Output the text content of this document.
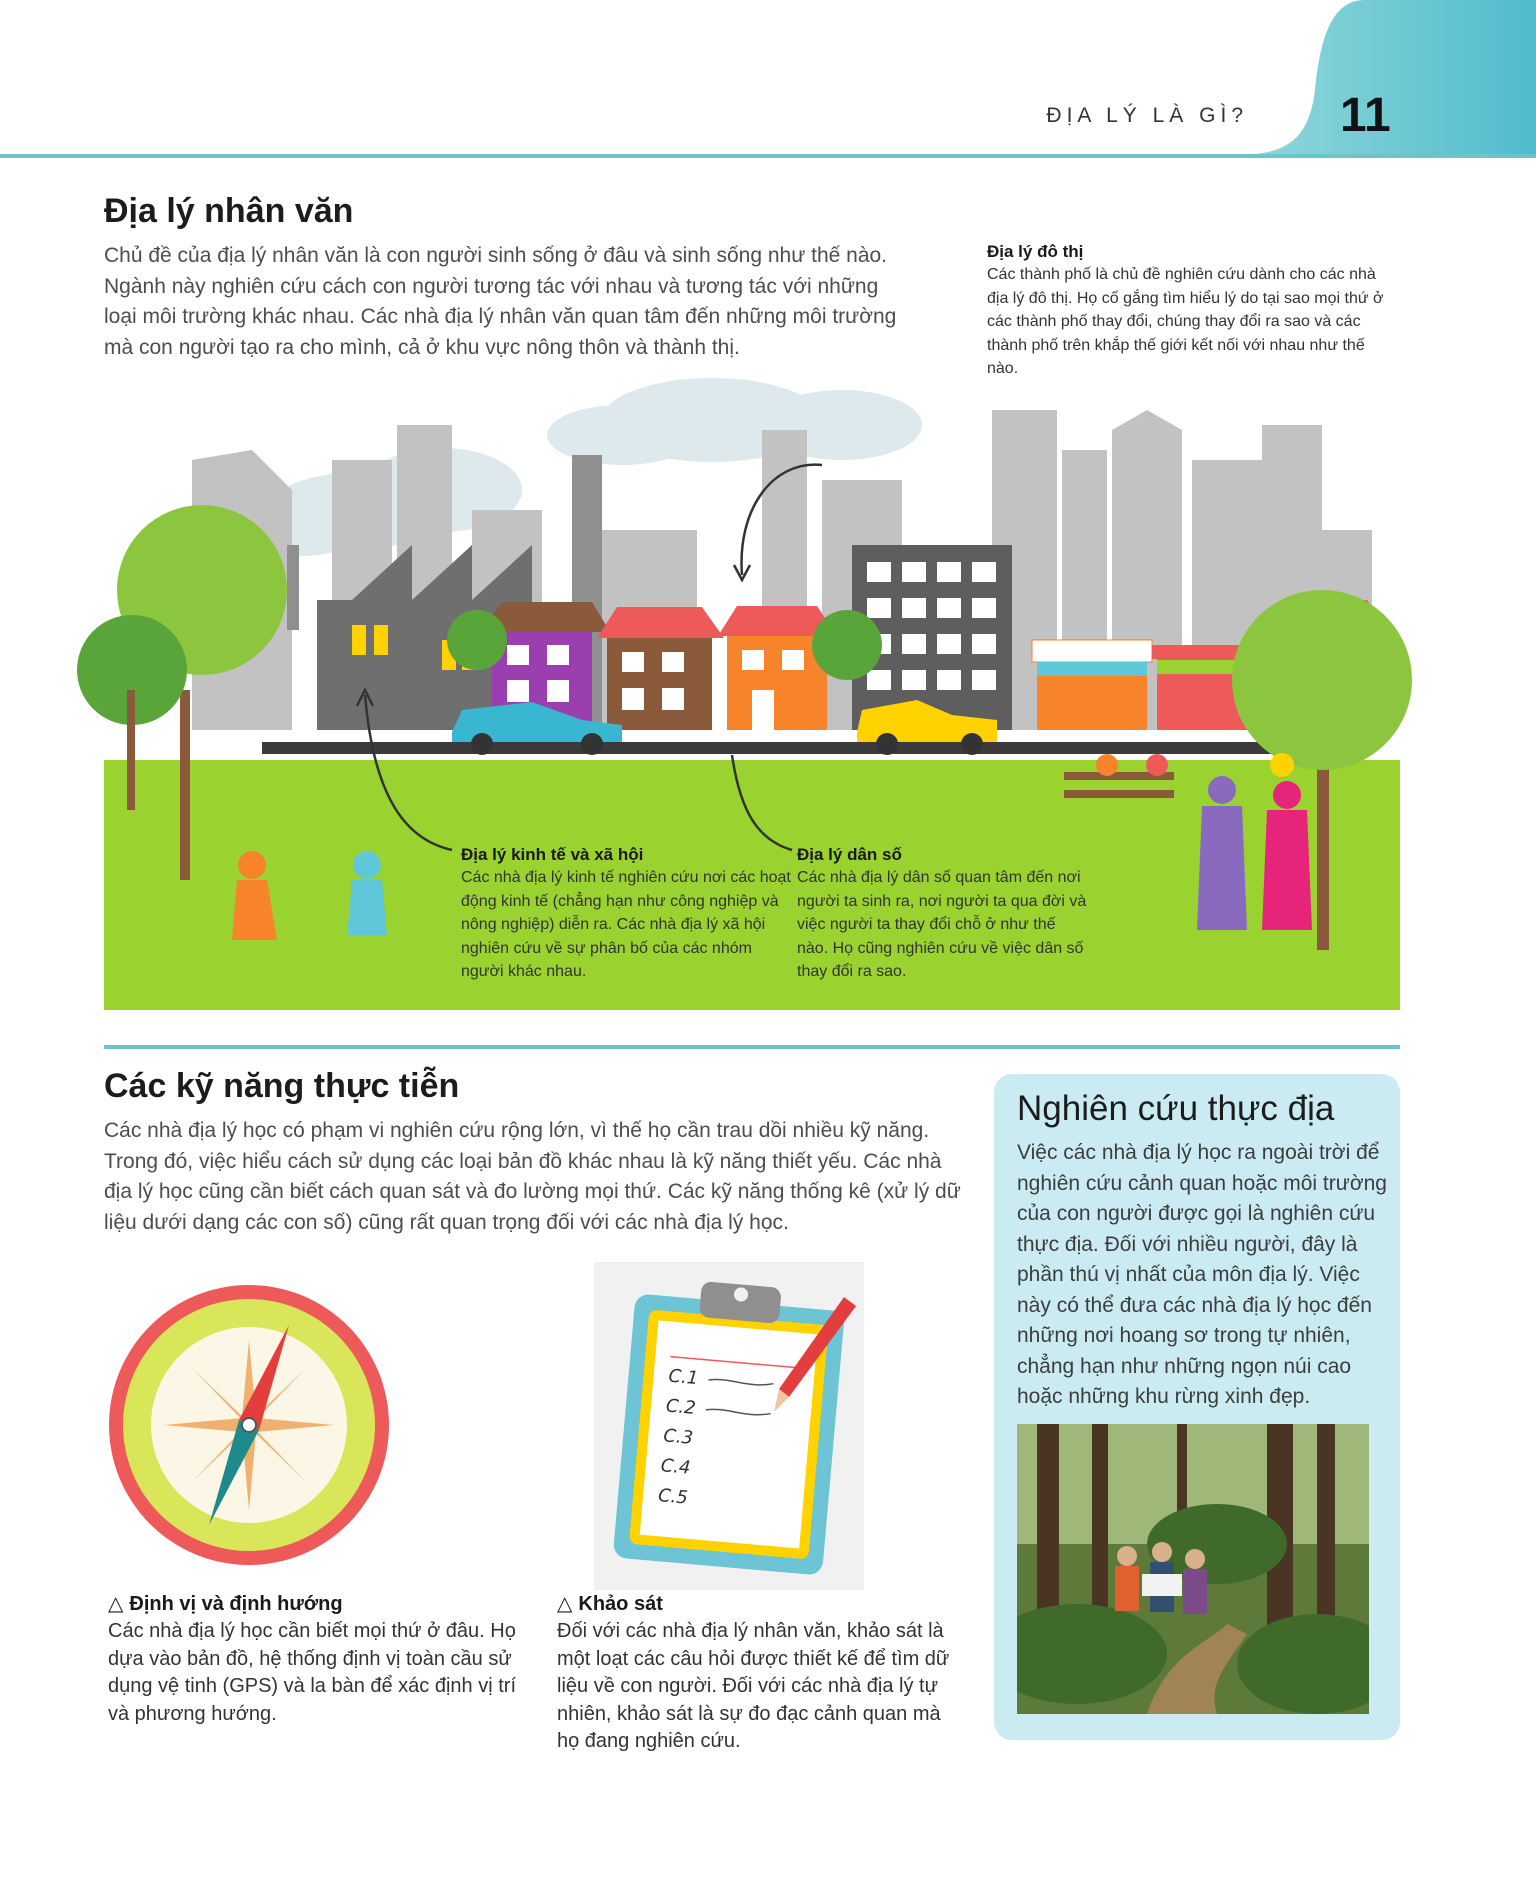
ĐỊA LÝ LÀ GÌ? 11
Địa lý nhân văn
Chủ đề của địa lý nhân văn là con người sinh sống ở đâu và sinh sống như thế nào. Ngành này nghiên cứu cách con người tương tác với nhau và tương tác với những loại môi trường khác nhau. Các nhà địa lý nhân văn quan tâm đến những môi trường mà con người tạo ra cho mình, cả ở khu vực nông thôn và thành thị.
Địa lý đô thị
Các thành phố là chủ đề nghiên cứu dành cho các nhà địa lý đô thị. Họ cố gắng tìm hiểu lý do tại sao mọi thứ ở các thành phố thay đổi, chúng thay đổi ra sao và các thành phố trên khắp thế giới kết nối với nhau như thế nào.
Địa lý kinh tế và xã hội
Các nhà địa lý kinh tế nghiên cứu nơi các hoạt động kinh tế (chẳng hạn như công nghiệp và nông nghiệp) diễn ra. Các nhà địa lý xã hội nghiên cứu về sự phân bố của các nhóm người khác nhau.
Địa lý dân số
Các nhà địa lý dân số quan tâm đến nơi người ta sinh ra, nơi người ta qua đời và việc người ta thay đổi chỗ ở như thế nào. Họ cũng nghiên cứu về việc dân số thay đổi ra sao.
Các kỹ năng thực tiễn
Các nhà địa lý học có phạm vi nghiên cứu rộng lớn, vì thế họ cần trau dồi nhiều kỹ năng. Trong đó, việc hiểu cách sử dụng các loại bản đồ khác nhau là kỹ năng thiết yếu. Các nhà địa lý học cũng cần biết cách quan sát và đo lường mọi thứ. Các kỹ năng thống kê (xử lý dữ liệu dưới dạng các con số) cũng rất quan trọng đối với các nhà địa lý học.
C.1
C.2
C.3
C.4
C.5
△ Định vị và định hướng
Các nhà địa lý học cần biết mọi thứ ở đâu. Họ dựa vào bản đồ, hệ thống định vị toàn cầu sử dụng vệ tinh (GPS) và la bàn để xác định vị trí và phương hướng.
△ Khảo sát
Đối với các nhà địa lý nhân văn, khảo sát là một loạt các câu hỏi được thiết kế để tìm dữ liệu về con người. Đối với các nhà địa lý tự nhiên, khảo sát là sự đo đạc cảnh quan mà họ đang nghiên cứu.
Nghiên cứu thực địa
Việc các nhà địa lý học ra ngoài trời để nghiên cứu cảnh quan hoặc môi trường của con người được gọi là nghiên cứu thực địa. Đối với nhiều người, đây là phần thú vị nhất của môn địa lý. Việc này có thể đưa các nhà địa lý học đến những nơi hoang sơ trong tự nhiên, chẳng hạn như những ngọn núi cao hoặc những khu rừng xinh đẹp.
